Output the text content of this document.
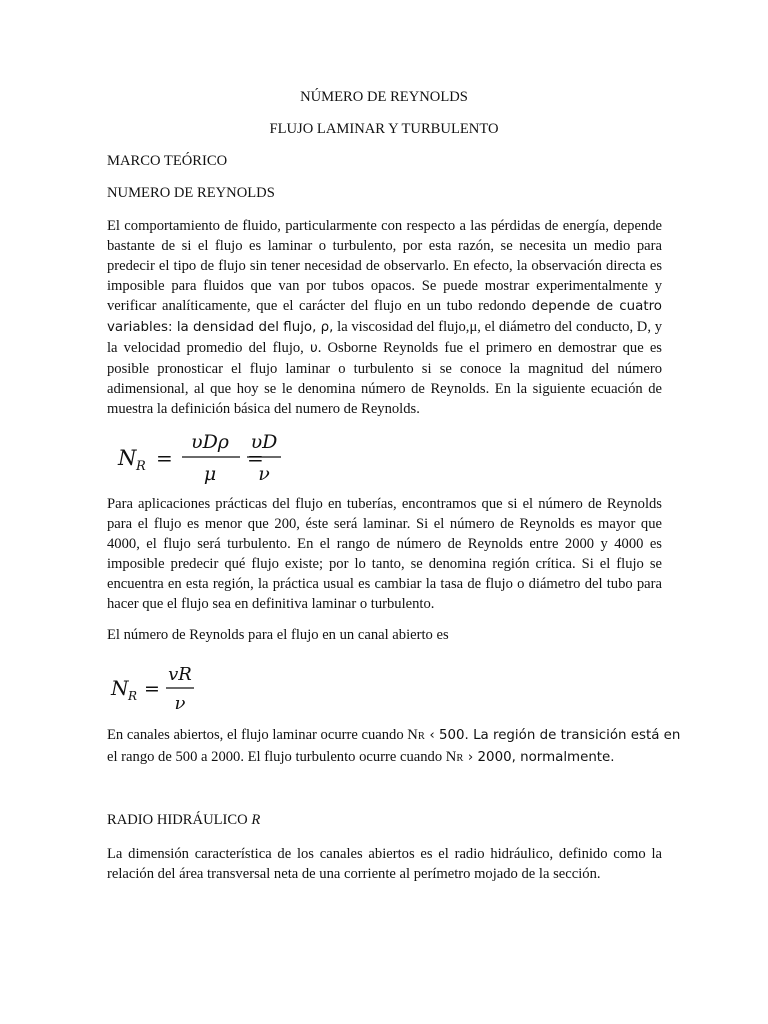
NÚMERO DE REYNOLDS

FLUJO LAMINAR Y TURBULENTO

MARCO TEÓRICO

NUMERO DE REYNOLDS

El comportamiento de fluido, particularmente con respecto a las pérdidas de energía, depende bastante de si el flujo es laminar o turbulento, por esta razón, se necesita un medio para predecir el tipo de flujo sin tener necesidad de observarlo. En efecto, la observación directa es imposible para fluidos que van por tubos opacos. Se puede mostrar experimentalmente y verificar analíticamente, que el carácter del flujo en un tubo redondo depende de cuatro variables: la densidad del flujo, ρ, la viscosidad del flujo,μ, el diámetro del conducto, D, y la velocidad promedio del flujo, υ. Osborne Reynolds fue el primero en demostrar que es posible pronosticar el flujo laminar o turbulento si se conoce la magnitud del número adimensional, al que hoy se le denomina número de Reynolds. En la siguiente ecuación de muestra la definición básica del numero de Reynolds.

N R =
υDρ
μ
=
υD
ν

Para aplicaciones prácticas del flujo en tuberías, encontramos que si el número de Reynolds para el flujo es menor que 200, éste será laminar. Si el número de Reynolds es mayor que 4000, el flujo será turbulento. En el rango de número de Reynolds entre 2000 y 4000 es imposible predecir qué flujo existe; por lo tanto, se denomina región crítica. Si el flujo se encuentra en esta región, la práctica usual es cambiar la tasa de flujo o diámetro del tubo para hacer que el flujo sea en definitiva laminar o turbulento.

El número de Reynolds para el flujo en un canal abierto es

N R =
vR
ν

En canales abiertos, el flujo laminar ocurre cuando NR ‹ 500. La región de transición está en
el rango de 500 a 2000. El flujo turbulento ocurre cuando NR › 2000, normalmente.

RADIO HIDRÁULICO R

La dimensión característica de los canales abiertos es el radio hidráulico, definido como la relación del área transversal neta de una corriente al perímetro mojado de la sección.
